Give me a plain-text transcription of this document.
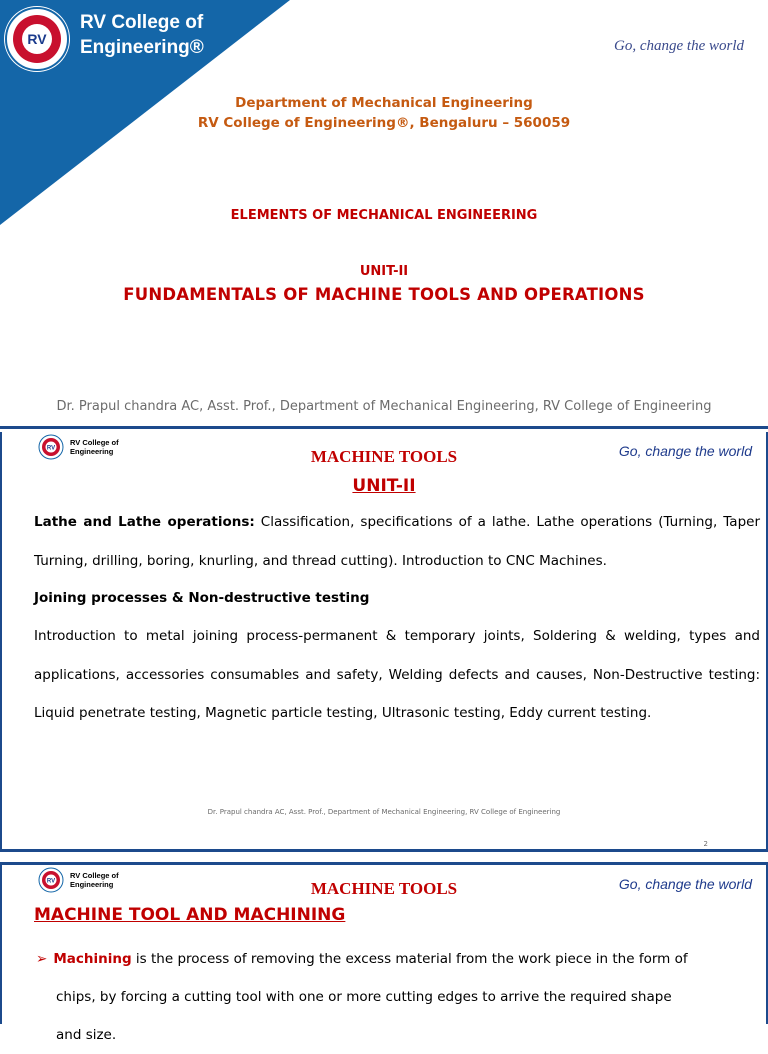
RV
RV College of
Engineering®	Go, change the world
Department of Mechanical Engineering
RV College of Engineering®, Bengaluru – 560059
ELEMENTS OF MECHANICAL ENGINEERING
UNIT-II
FUNDAMENTALS OF MACHINE TOOLS AND OPERATIONS
Dr. Prapul chandra AC, Asst. Prof., Department of Mechanical Engineering, RV College of Engineering
RV
RV College of
Engineering	MACHINE TOOLS	Go, change the world
UNIT-II
Lathe and Lathe operations: Classification, specifications of a lathe. Lathe operations (Turning, Taper Turning, drilling, boring, knurling, and thread cutting). Introduction to CNC Machines.
Joining processes & Non-destructive testing
Introduction to metal joining process-permanent & temporary joints, Soldering & welding, types and applications, accessories consumables and safety, Welding defects and causes, Non-Destructive testing: Liquid penetrate testing, Magnetic particle testing, Ultrasonic testing, Eddy current testing.
Dr. Prapul chandra AC, Asst. Prof., Department of Mechanical Engineering, RV College of Engineering
2
RV
RV College of
Engineering	MACHINE TOOLS	Go, change the world
MACHINE TOOL AND MACHINING
➢ Machining is the process of removing the excess material from the work piece in the form of
chips, by forcing a cutting tool with one or more cutting edges to arrive the required shape
and size.
